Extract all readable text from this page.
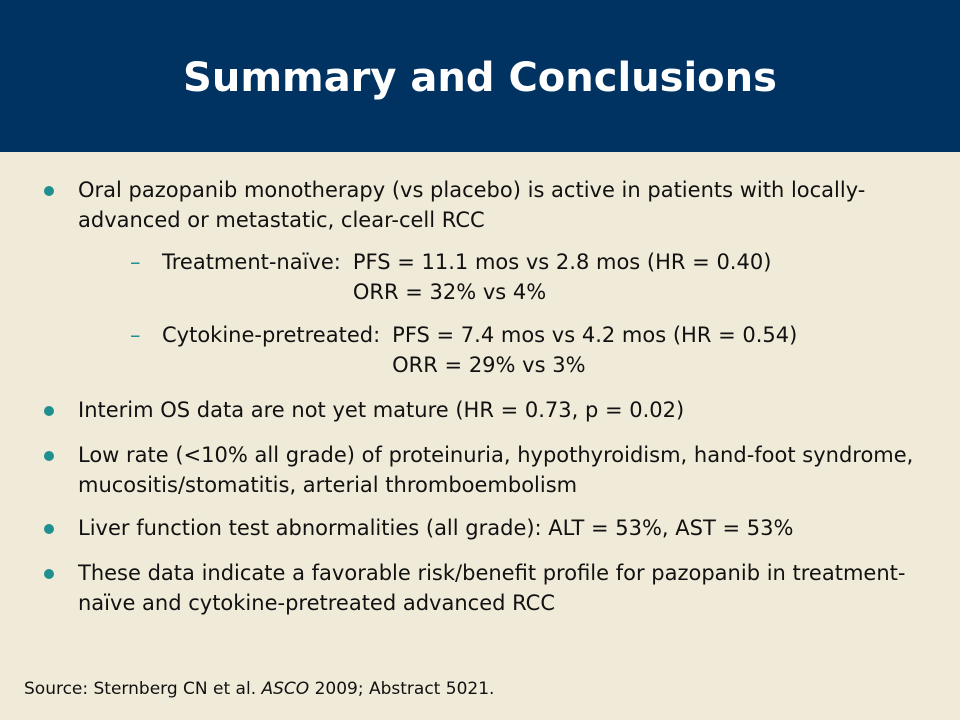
Summary and Conclusions
Oral pazopanib monotherapy (vs placebo) is active in patients with locally-advanced or metastatic, clear-cell RCC
–	Treatment-naïve: PFS = 11.1 mos vs 2.8 mos (HR = 0.40)
ORR = 32% vs 4%
–	Cytokine-pretreated: PFS = 7.4 mos vs 4.2 mos (HR = 0.54)
ORR = 29% vs 3%
Interim OS data are not yet mature (HR = 0.73, p = 0.02)
Low rate (<10% all grade) of proteinuria, hypothyroidism, hand-foot syndrome, mucositis/stomatitis, arterial thromboembolism
Liver function test abnormalities (all grade): ALT = 53%, AST = 53%
These data indicate a favorable risk/benefit profile for pazopanib in treatment-naïve and cytokine-pretreated advanced RCC
Source: Sternberg CN et al. ASCO 2009; Abstract 5021.
